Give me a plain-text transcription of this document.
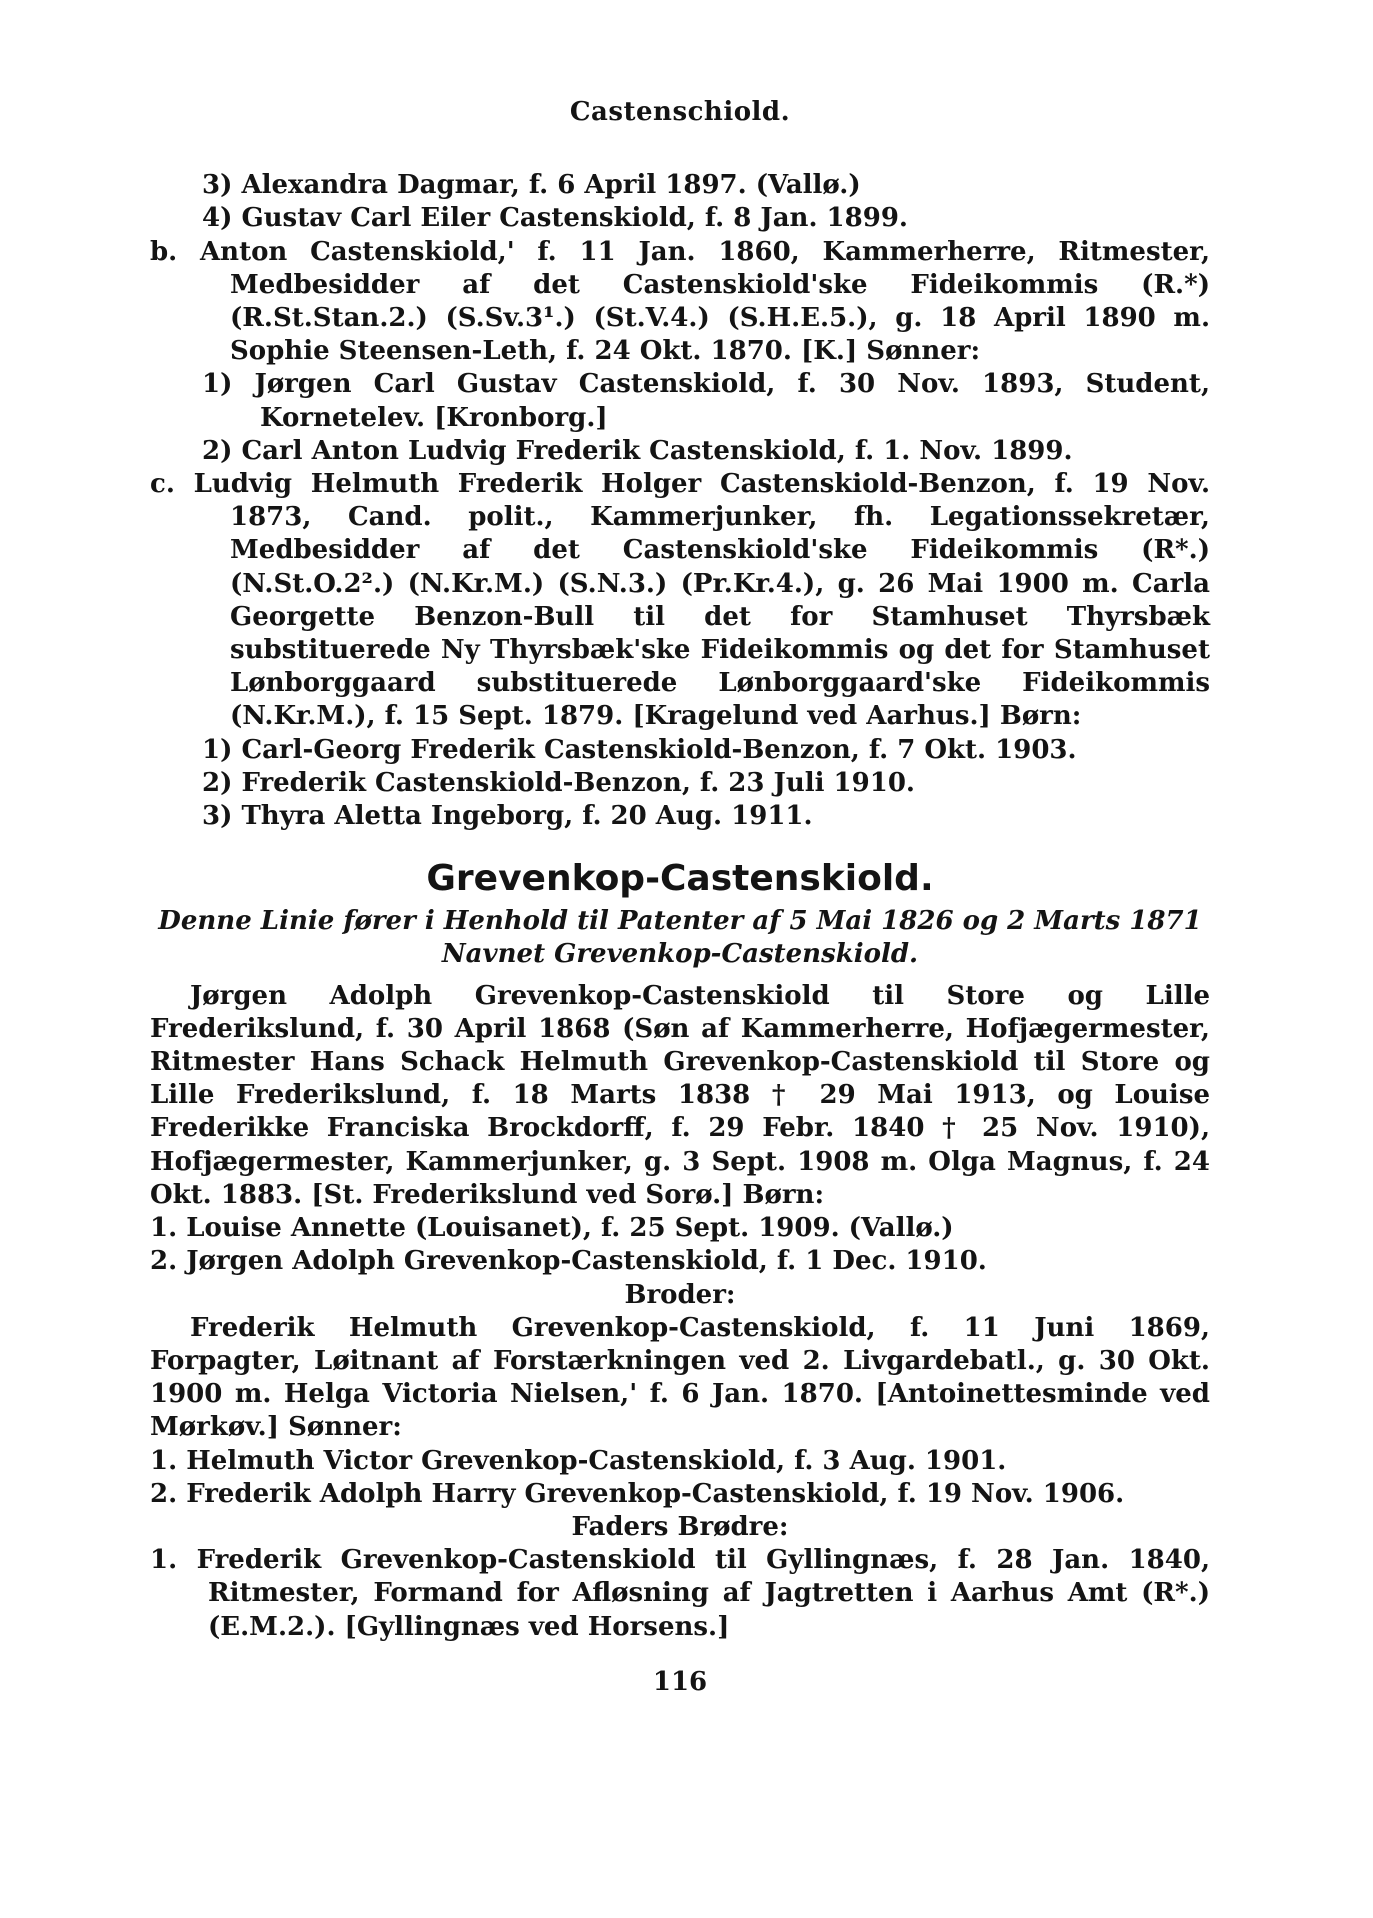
Castenschiold.

3) Alexandra Dagmar, f. 6 April 1897. (Vallø.)

4) Gustav Carl Eiler Castenskiold, f. 8 Jan. 1899.

b. Anton Castenskiold,' f. 11 Jan. 1860, Kammerherre, Ritmester, Medbesidder af det Castenskiold'ske Fideikommis (R.*) (R.St.Stan.2.) (S.Sv.3¹.) (St.V.4.) (S.H.E.5.), g. 18 April 1890 m. Sophie Steensen-Leth, f. 24 Okt. 1870. [K.] Sønner:

1) Jørgen Carl Gustav Castenskiold, f. 30 Nov. 1893, Student, Kornetelev. [Kronborg.]

2) Carl Anton Ludvig Frederik Castenskiold, f. 1. Nov. 1899.

c. Ludvig Helmuth Frederik Holger Castenskiold-Benzon, f. 19 Nov. 1873, Cand. polit., Kammerjunker, fh. Legationssekretær, Medbesidder af det Castenskiold'ske Fideikommis (R*.) (N.St.O.2².) (N.Kr.M.) (S.N.3.) (Pr.Kr.4.), g. 26 Mai 1900 m. Carla Georgette Benzon-Bull til det for Stamhuset Thyrsbæk substituerede Ny Thyrsbæk'ske Fideikommis og det for Stamhuset Lønborggaard substituerede Lønborggaard'ske Fideikommis (N.Kr.M.), f. 15 Sept. 1879. [Kragelund ved Aarhus.] Børn:

1) Carl-Georg Frederik Castenskiold-Benzon, f. 7 Okt. 1903.

2) Frederik Castenskiold-Benzon, f. 23 Juli 1910.

3) Thyra Aletta Ingeborg, f. 20 Aug. 1911.

Grevenkop-Castenskiold.
Denne Linie fører i Henhold til Patenter af 5 Mai 1826 og 2 Marts 1871 Navnet Grevenkop-Castenskiold.

Jørgen Adolph Grevenkop-Castenskiold til Store og Lille Frederikslund, f. 30 April 1868 (Søn af Kammerherre, Hofjægermester, Ritmester Hans Schack Helmuth Grevenkop-Castenskiold til Store og Lille Frederikslund, f. 18 Marts 1838 † 29 Mai 1913, og Louise Frederikke Franciska Brockdorff, f. 29 Febr. 1840 † 25 Nov. 1910), Hofjægermester, Kammerjunker, g. 3 Sept. 1908 m. Olga Magnus, f. 24 Okt. 1883. [St. Frederikslund ved Sorø.] Børn:

1. Louise Annette (Louisanet), f. 25 Sept. 1909. (Vallø.)

2. Jørgen Adolph Grevenkop-Castenskiold, f. 1 Dec. 1910.

Broder:

Frederik Helmuth Grevenkop-Castenskiold, f. 11 Juni 1869, Forpagter, Løitnant af Forstærkningen ved 2. Livgardebatl., g. 30 Okt. 1900 m. Helga Victoria Nielsen,' f. 6 Jan. 1870. [Antoinettesminde ved Mørkøv.] Sønner:

1. Helmuth Victor Grevenkop-Castenskiold, f. 3 Aug. 1901.

2. Frederik Adolph Harry Grevenkop-Castenskiold, f. 19 Nov. 1906.

Faders Brødre:

1. Frederik Grevenkop-Castenskiold til Gyllingnæs, f. 28 Jan. 1840, Ritmester, Formand for Afløsning af Jagtretten i Aarhus Amt (R*.) (E.M.2.). [Gyllingnæs ved Horsens.]

116
